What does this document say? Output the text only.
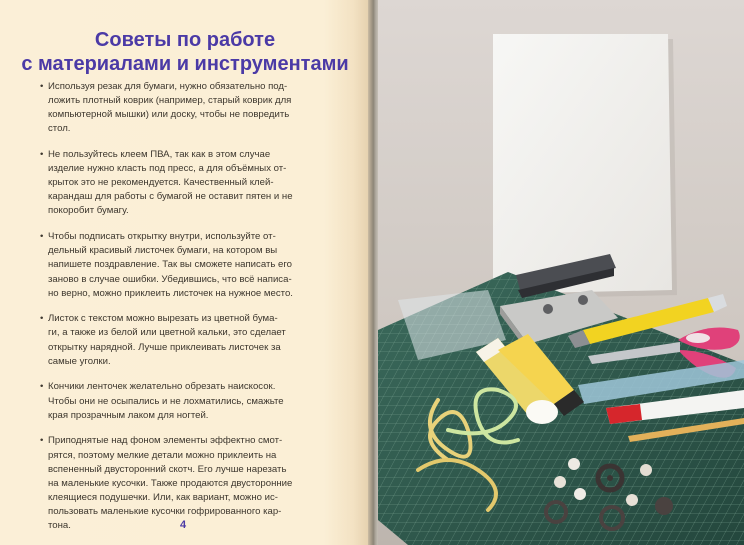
Советы по работе
с материалами и инструментами
• Используя резак для бумаги, нужно обязательно под-
ложить плотный коврик (например, старый коврик для
компьютерной мышки) или доску, чтобы не повредить
стол.
• Не пользуйтесь клеем ПВА, так как в этом случае
изделие нужно класть под пресс, а для объёмных от-
крыток это не рекомендуется. Качественный клей-
карандаш для работы с бумагой не оставит пятен и не
покоробит бумагу.
• Чтобы подписать открытку внутри, используйте от-
дельный красивый листочек бумаги, на котором вы
напишете поздравление. Так вы сможете написать его
заново в случае ошибки. Убедившись, что всё написа-
но верно, можно приклеить листочек на нужное место.
• Листок с текстом можно вырезать из цветной бума-
ги, а также из белой или цветной кальки, это сделает
открытку нарядной. Лучше приклеивать листочек за
самые уголки.
• Кончики ленточек желательно обрезать наискосок.
Чтобы они не осыпались и не лохматились, смажьте
края прозрачным лаком для ногтей.
• Приподнятые над фоном элементы эффектно смот-
рятся, поэтому мелкие детали можно приклеить на
вспененный двусторонний скотч. Его лучше нарезать
на маленькие кусочки. Также продаются двусторонние
клеящиеся подушечки. Или, как вариант, можно ис-
пользовать маленькие кусочки гофрированного кар-
тона.	4
